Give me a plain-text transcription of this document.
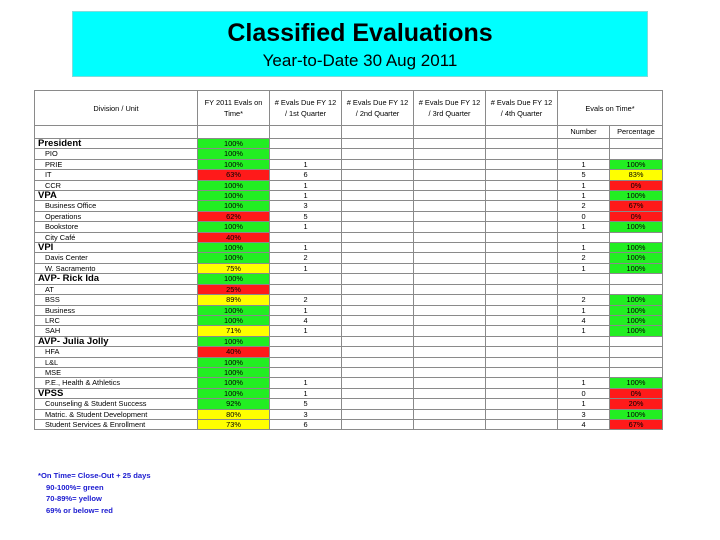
Classified Evaluations
Year-to-Date 30 Aug 2011
Division / Unit	FY 2011 Evals on Time*	# Evals Due FY 12 / 1st Quarter	# Evals Due FY 12 / 2nd Quarter	# Evals Due FY 12 / 3rd Quarter	# Evals Due FY 12 / 4th Quarter	Evals on Time*	
						Number	Percentage
President	100%						
PIO	100%						
PRIE	100%	1				1	100%
IT	63%	6				5	83%
CCR	100%	1				1	0%
VPA	100%	1				1	100%
Business Office	100%	3				2	67%
Operations	62%	5				0	0%
Bookstore	100%	1				1	100%
City Café	40%						
VPI	100%	1				1	100%
Davis Center	100%	2				2	100%
W. Sacramento	75%	1				1	100%
AVP- Rick Ida	100%						
AT	25%						
BSS	89%	2				2	100%
Business	100%	1				1	100%
LRC	100%	4				4	100%
SAH	71%	1				1	100%
AVP- Julia Jolly	100%						
HFA	40%						
L&L	100%						
MSE	100%						
P.E., Health & Athletics	100%	1				1	100%
VPSS	100%	1				0	0%
Counseling & Student Success	92%	5				1	20%
Matric. & Student Development	80%	3				3	100%
Student Services & Enrollment	73%	6				4	67%
*On Time= Close-Out + 25 days
90-100%= green
70-89%= yellow
69% or below= red
